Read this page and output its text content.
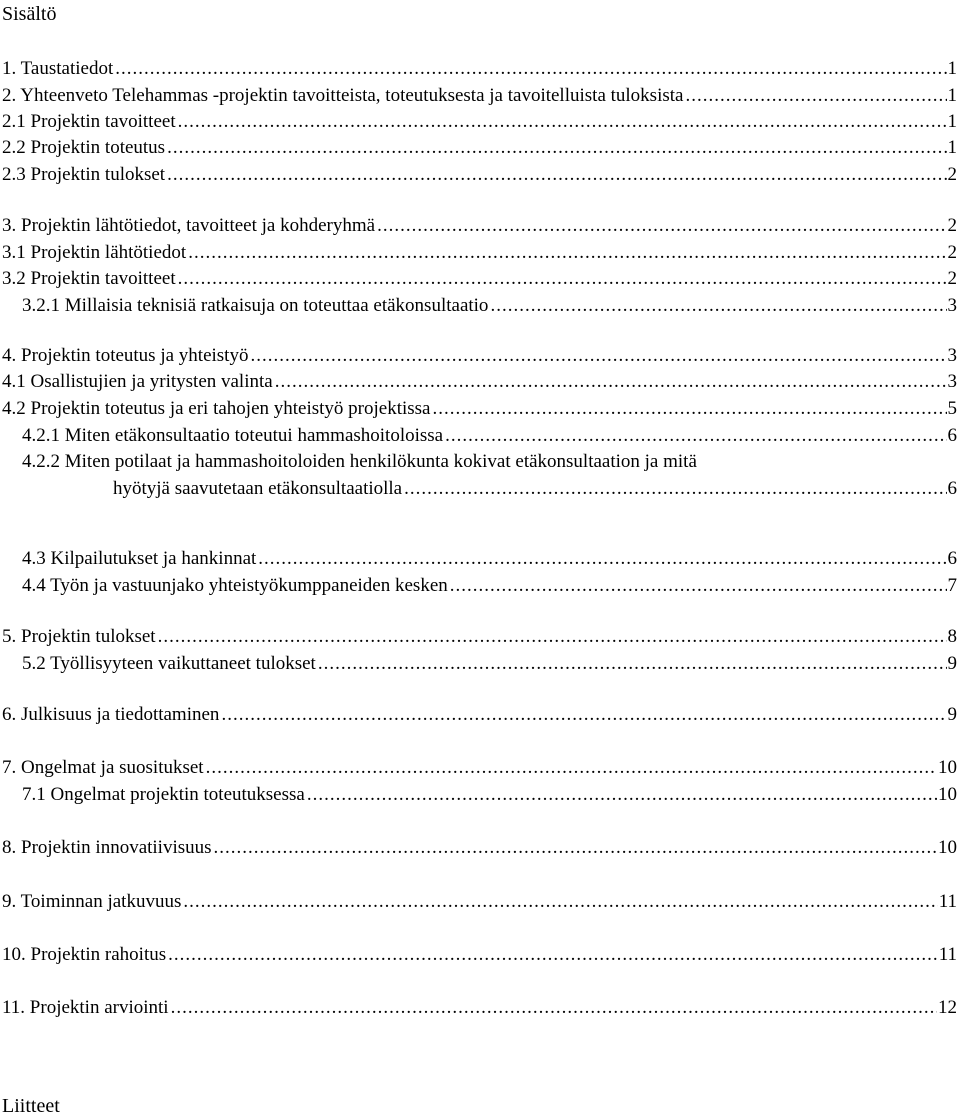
Sisältö
1. Taustatiedot .....	1
2. Yhteenveto Telehammas -projektin tavoitteista, toteutuksesta ja tavoitelluista tuloksista .....	1
2.1 Projektin tavoitteet .....	1
2.2 Projektin toteutus .....	1
2.3 Projektin tulokset .....	2
3. Projektin lähtötiedot, tavoitteet ja kohderyhmä .....	2
3.1 Projektin lähtötiedot .....	2
3.2 Projektin tavoitteet .....	2
3.2.1 Millaisia teknisiä ratkaisuja on toteuttaa etäkonsultaatio .....	3
4. Projektin toteutus ja yhteistyö .....	3
4.1 Osallistujien ja yritysten valinta .....	3
4.2 Projektin toteutus ja eri tahojen yhteistyö projektissa .....	5
4.2.1 Miten etäkonsultaatio toteutui hammashoitoloissa .....	6
4.2.2 Miten potilaat ja hammashoitoloiden henkilökunta kokivat etäkonsultaation ja mitä
hyötyjä saavutetaan etäkonsultaatiolla .....	6
4.3 Kilpailutukset ja hankinnat .....	6
4.4 Työn ja vastuunjako yhteistyökumppaneiden kesken .....	7
5. Projektin tulokset .....	8
5.2 Työllisyyteen vaikuttaneet tulokset .....	9
6. Julkisuus ja tiedottaminen .....	9
7. Ongelmat ja suositukset .....	10
7.1 Ongelmat projektin toteutuksessa .....	10
8. Projektin innovatiivisuus .....	10
9. Toiminnan jatkuvuus .....	11
10. Projektin rahoitus .....	11
11. Projektin arviointi .....	12
Liitteet
